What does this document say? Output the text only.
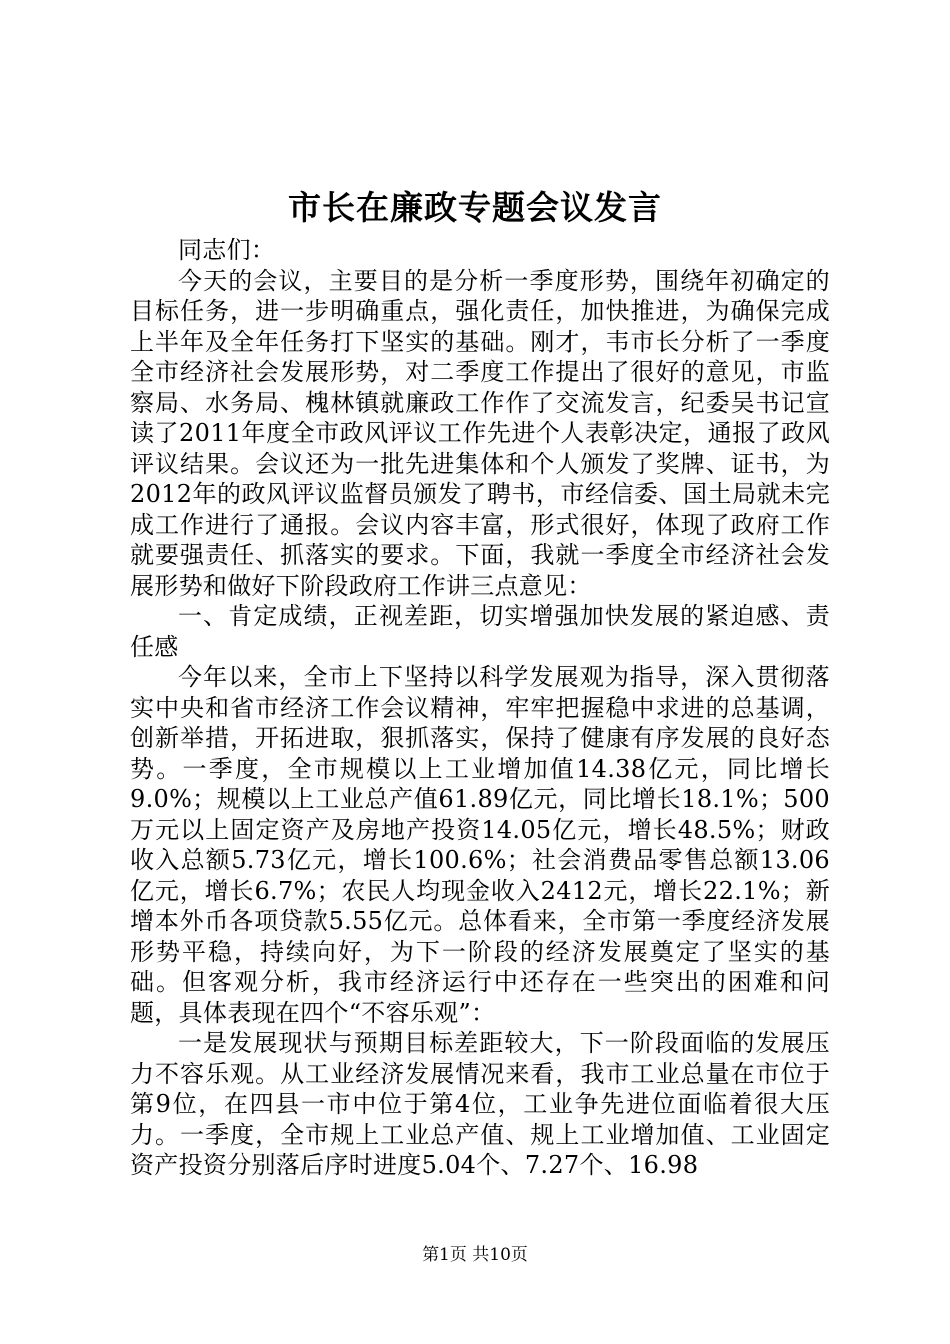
市长在廉政专题会议发言

同志们：

今天的会议，主要目的是分析一季度形势，围绕年初确定的目标任务，进一步明确重点，强化责任，加快推进，为确保完成上半年及全年任务打下坚实的基础。刚才，韦市长分析了一季度全市经济社会发展形势，对二季度工作提出了很好的意见，市监察局、水务局、槐林镇就廉政工作作了交流发言，纪委吴书记宣读了2011年度全市政风评议工作先进个人表彰决定，通报了政风评议结果。会议还为一批先进集体和个人颁发了奖牌、证书，为2012年的政风评议监督员颁发了聘书，市经信委、国土局就未完成工作进行了通报。会议内容丰富，形式很好，体现了政府工作就要强责任、抓落实的要求。下面，我就一季度全市经济社会发展形势和做好下阶段政府工作讲三点意见：

一、肯定成绩，正视差距，切实增强加快发展的紧迫感、责任感

今年以来，全市上下坚持以科学发展观为指导，深入贯彻落实中央和省市经济工作会议精神，牢牢把握稳中求进的总基调，创新举措，开拓进取，狠抓落实，保持了健康有序发展的良好态势。一季度，全市规模以上工业增加值14.38亿元，同比增长9.0%；规模以上工业总产值61.89亿元，同比增长18.1%；500万元以上固定资产及房地产投资14.05亿元，增长48.5%；财政收入总额5.73亿元，增长100.6%；社会消费品零售总额13.06亿元，增长6.7%；农民人均现金收入2412元，增长22.1%；新增本外币各项贷款5.55亿元。总体看来，全市第一季度经济发展形势平稳，持续向好，为下一阶段的经济发展奠定了坚实的基础。但客观分析，我市经济运行中还存在一些突出的困难和问题，具体表现在四个“不容乐观”：

一是发展现状与预期目标差距较大，下一阶段面临的发展压力不容乐观。从工业经济发展情况来看，我市工业总量在市位于第9位，在四县一市中位于第4位，工业争先进位面临着很大压力。一季度，全市规上工业总产值、规上工业增加值、工业固定资产投资分别落后序时进度5.04个、7.27个、16.98

第1页 共10页
